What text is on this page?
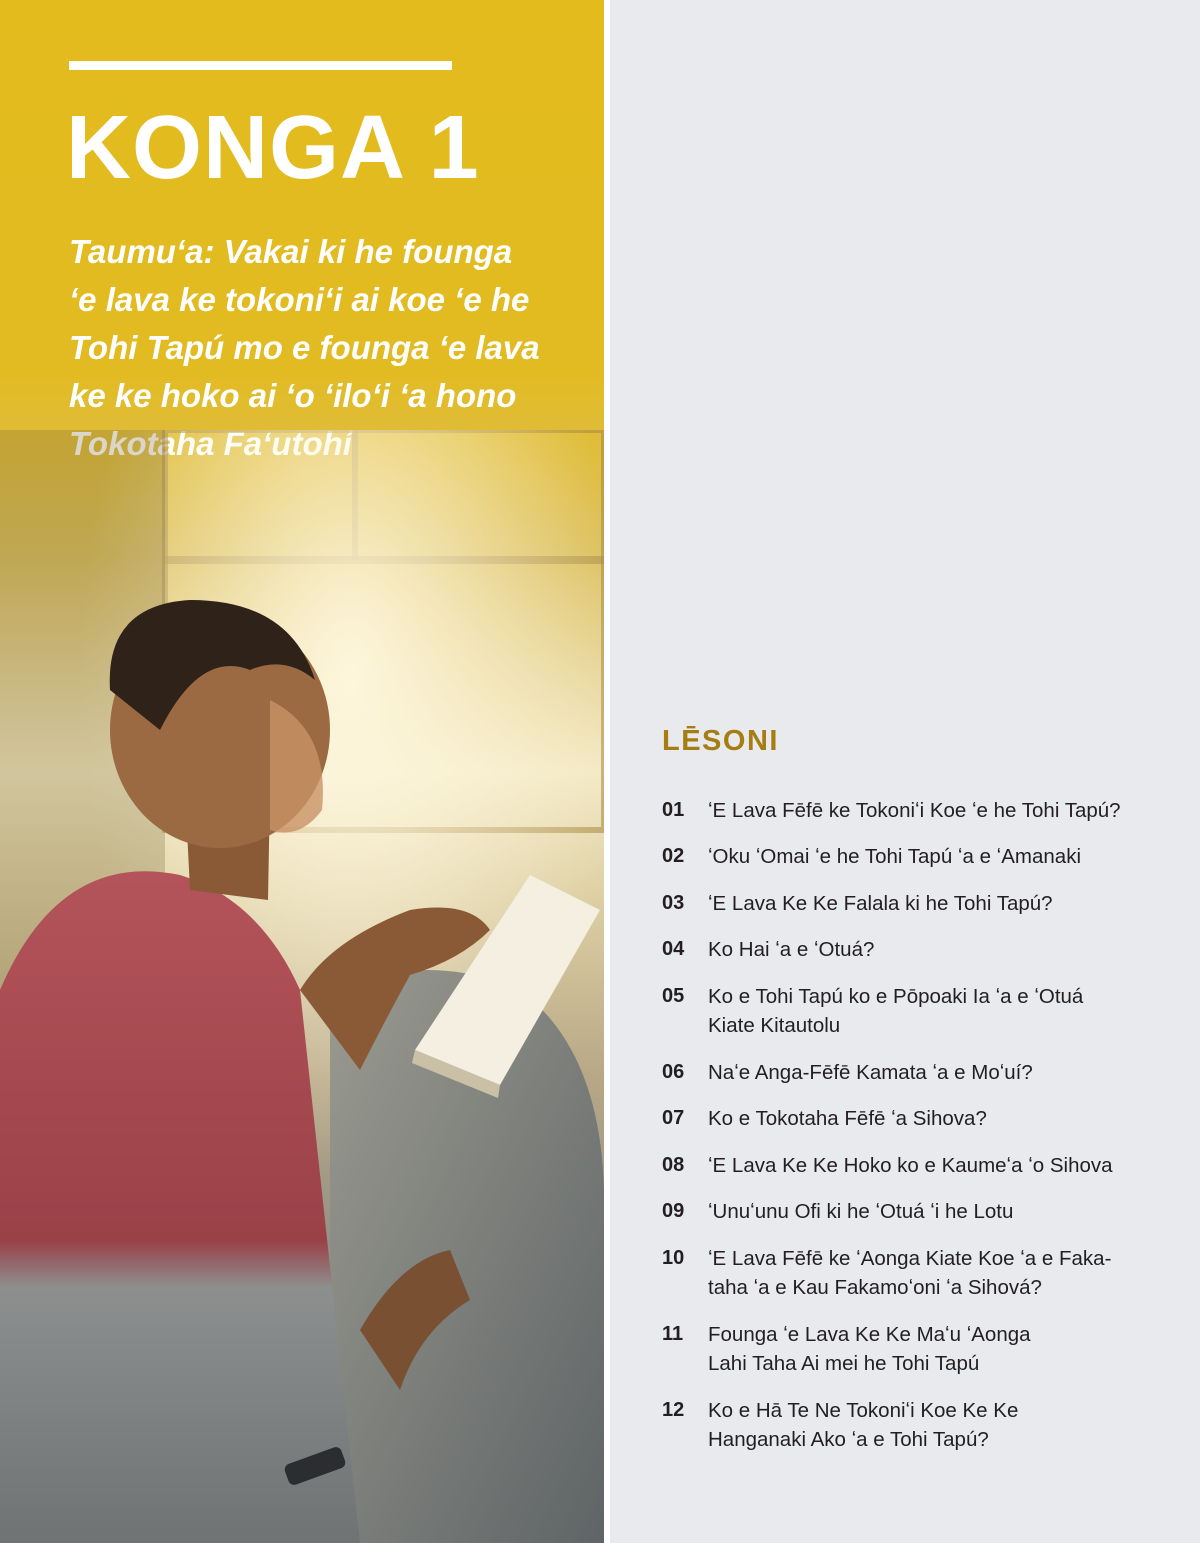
KONGA 1

Taumuʻa: Vakai ki he founga
ʻe lava ke tokoniʻi ai koe ʻe he
Tohi Tapú mo e founga ʻe lava
ke ke hoko ai ʻo ʻiloʻi ʻa hono

LĒSONI
01	ʻE Lava Fēfē ke Tokoniʻi Koe ʻe he Tohi Tapú?
02	ʻOku ʻOmai ʻe he Tohi Tapú ʻa e ʻAmanaki
03	ʻE Lava Ke Ke Falala ki he Tohi Tapú?
04	Ko Hai ʻa e ʻOtuá?
05	Ko e Tohi Tapú ko e Pōpoaki Ia ʻa e ʻOtuá
Kiate Kitautolu
06	Naʻe Anga-Fēfē Kamata ʻa e Moʻuí?
07	Ko e Tokotaha Fēfē ʻa Sihova?
08	ʻE Lava Ke Ke Hoko ko e Kaumeʻa ʻo Sihova
09	ʻUnuʻunu Ofi ki he ʻOtuá ʻi he Lotu
10	ʻE Lava Fēfē ke ʻAonga Kiate Koe ʻa e Faka-
taha ʻa e Kau Fakamoʻoni ʻa Sihová?
11	Founga ʻe Lava Ke Ke Maʻu ʻAonga
Lahi Taha Ai mei he Tohi Tapú
12	Ko e Hā Te Ne Tokoniʻi Koe Ke Ke
Hanganaki Ako ʻa e Tohi Tapú?
